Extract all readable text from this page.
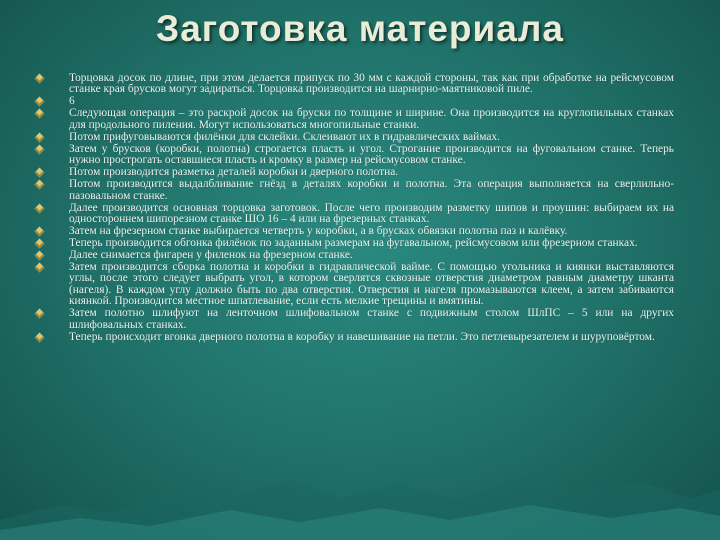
Заготовка материала
Торцовка досок по длине, при этом делается припуск по 30 мм с каждой стороны, так как при обработке на рейсмусовом станке края брусков могут задираться. Торцовка производится на шарнирно-маятниковой пиле.
6
Следующая операция – это раскрой досок на бруски по толщине и ширине. Она производится на круглопильных станках для продольного пиления. Могут использоваться многопильные станки.
Потом прифуговываются филёнки для склейки. Склеивают их в гидравлических ваймах.
Затем у брусков (коробки, полотна) строгается пласть и угол. Строгание производится на фуговальном станке. Теперь нужно прострогать оставшиеся пласть и кромку в размер на рейсмусовом станке.
Потом производится разметка деталей коробки и дверного полотна.
Потом производится выдалбливание гнёзд в деталях коробки и полотна. Эта операция выполняется на сверлильно-пазовальном станке.
Далее производится основная торцовка заготовок. После чего производим разметку шипов и проушин: выбираем их на одностороннем шипорезном станке ШО 16 – 4 или на фрезерных станках.
Затем на фрезерном станке выбирается четверть у коробки, а в брусках обвязки полотна паз и калёвку.
Теперь производится обгонка филёнок по заданным размерам на фугавальном, рейсмусовом или фрезерном станках.
Далее снимается фигарен у филенок на фрезерном станке.
Затем производится сборка полотна и коробки в гидравлической ваймe. С помощью угольника и киянки выставляются углы, после этого следует выбрать угол, в котором сверлятся сквозные отверстия диаметром равным диаметру шканта (нагеля). В каждом углу должно быть по два отверстия. Отверстия и нагеля промазываются клеем, а затем забиваются киянкой. Производится местное шпатлевание, если есть мелкие трещины и вмятины.
Затем полотно шлифуют на ленточном шлифовальном станке с подвижным столом ШлПС – 5 или на других шлифовальных станках.
Теперь происходит вгонка дверного полотна в коробку и навешивание на петли. Это петлевырезателем и шуруповёртом.
